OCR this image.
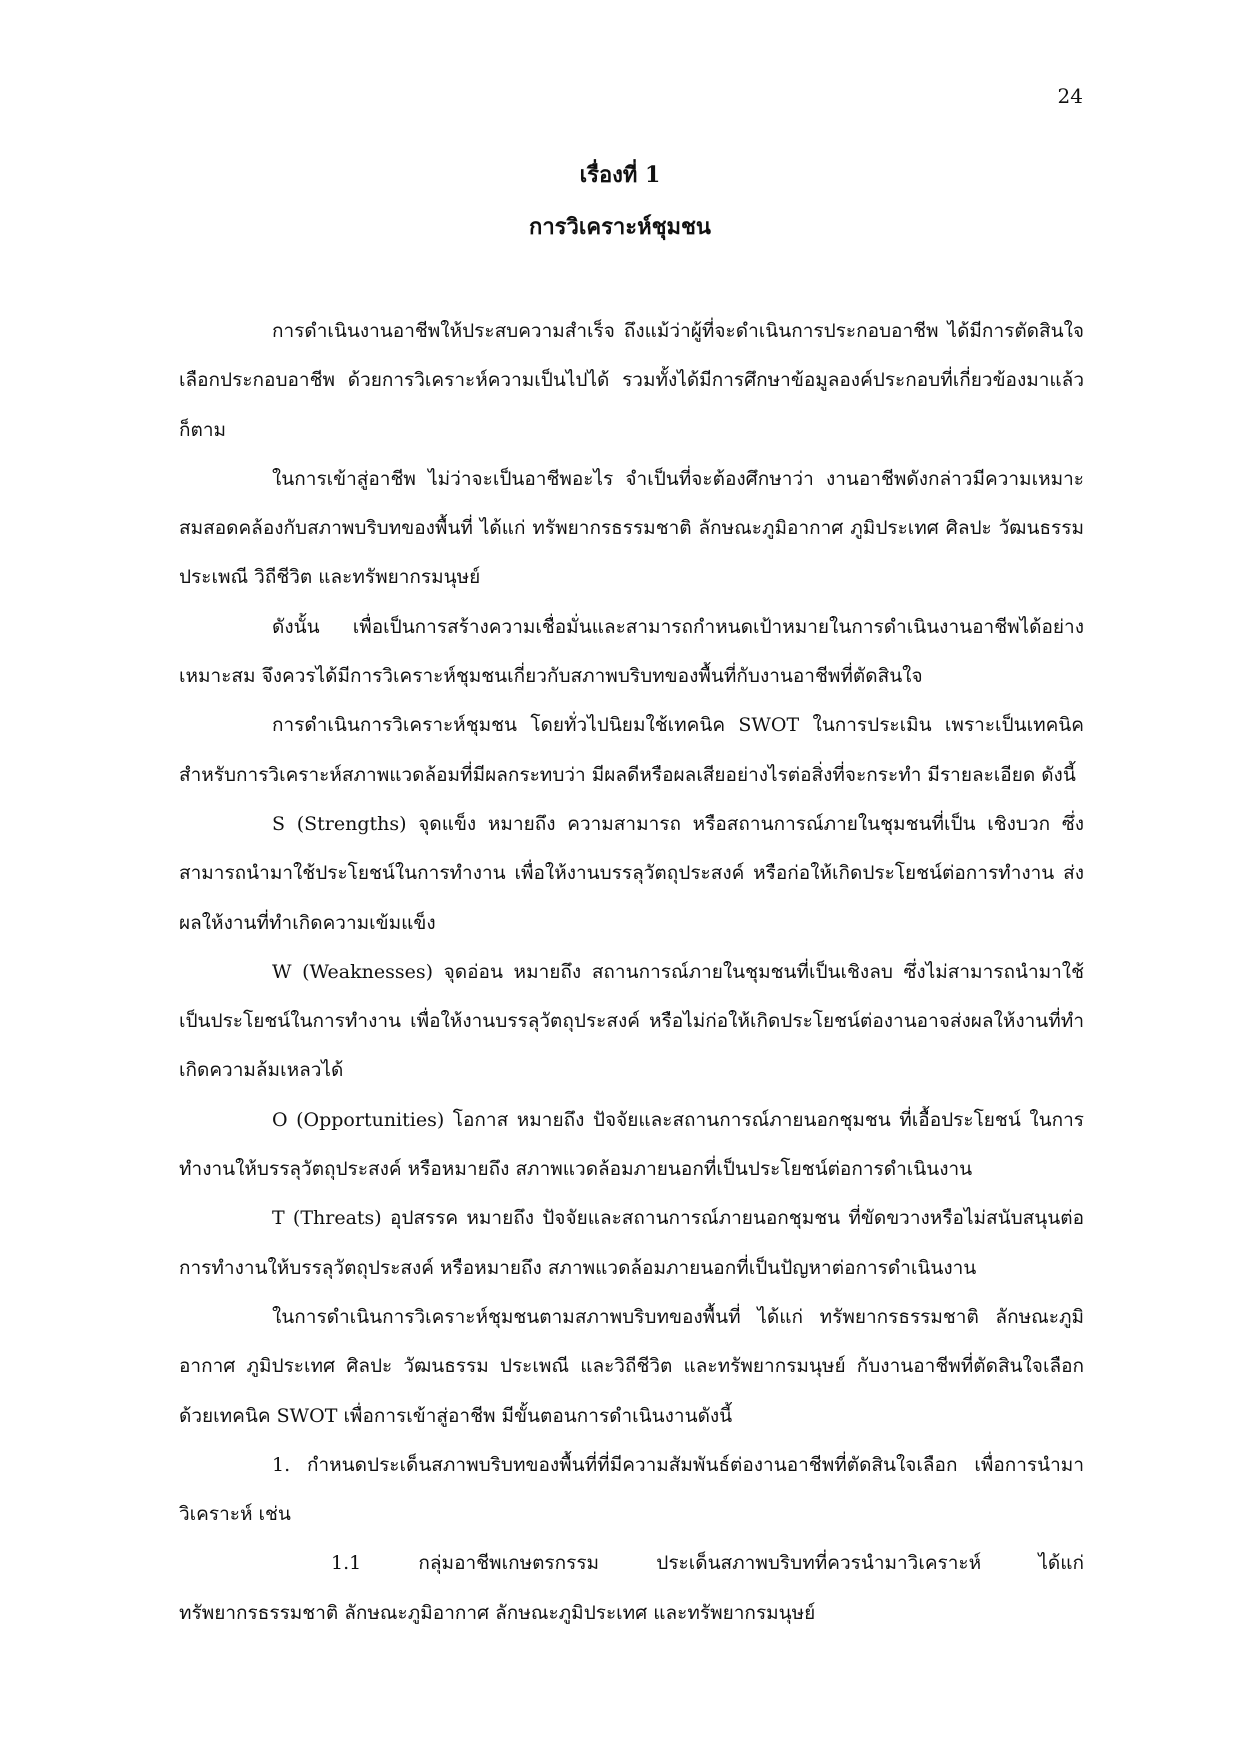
24
เรื่องที่ 1
การวิเคราะห์ชุมชน

การดำเนินงานอาชีพให้ประสบความสำเร็จ ถึงแม้ว่าผู้ที่จะดำเนินการประกอบอาชีพ ได้มีการตัดสินใจเลือกประกอบอาชีพ ด้วยการวิเคราะห์ความเป็นไปได้ รวมทั้งได้มีการศึกษาข้อมูลองค์ประกอบที่เกี่ยวข้องมาแล้วก็ตาม

ในการเข้าสู่อาชีพ ไม่ว่าจะเป็นอาชีพอะไร จำเป็นที่จะต้องศึกษาว่า งานอาชีพดังกล่าวมีความเหมาะสมสอดคล้องกับสภาพบริบทของพื้นที่ ได้แก่ ทรัพยากรธรรมชาติ ลักษณะภูมิอากาศ ภูมิประเทศ ศิลปะ วัฒนธรรม ประเพณี วิถีชีวิต และทรัพยากรมนุษย์

ดังนั้น เพื่อเป็นการสร้างความเชื่อมั่นและสามารถกำหนดเป้าหมายในการดำเนินงานอาชีพได้อย่างเหมาะสม จึงควรได้มีการวิเคราะห์ชุมชนเกี่ยวกับสภาพบริบทของพื้นที่กับงานอาชีพที่ตัดสินใจ

การดำเนินการวิเคราะห์ชุมชน โดยทั่วไปนิยมใช้เทคนิค SWOT ในการประเมิน เพราะเป็นเทคนิคสำหรับการวิเคราะห์สภาพแวดล้อมที่มีผลกระทบว่า มีผลดีหรือผลเสียอย่างไรต่อสิ่งที่จะกระทำ มีรายละเอียด ดังนี้

S (Strengths) จุดแข็ง หมายถึง ความสามารถ หรือสถานการณ์ภายในชุมชนที่เป็น เชิงบวก ซึ่งสามารถนำมาใช้ประโยชน์ในการทำงาน เพื่อให้งานบรรลุวัตถุประสงค์ หรือก่อให้เกิดประโยชน์ต่อการทำงาน ส่งผลให้งานที่ทำเกิดความเข้มแข็ง

W (Weaknesses) จุดอ่อน หมายถึง สถานการณ์ภายในชุมชนที่เป็นเชิงลบ ซึ่งไม่สามารถนำมาใช้เป็นประโยชน์ในการทำงาน เพื่อให้งานบรรลุวัตถุประสงค์ หรือไม่ก่อให้เกิดประโยชน์ต่องานอาจส่งผลให้งานที่ทำเกิดความล้มเหลวได้

O (Opportunities) โอกาส หมายถึง ปัจจัยและสถานการณ์ภายนอกชุมชน ที่เอื้อประโยชน์ ในการทำงานให้บรรลุวัตถุประสงค์ หรือหมายถึง สภาพแวดล้อมภายนอกที่เป็นประโยชน์ต่อการดำเนินงาน

T (Threats) อุปสรรค หมายถึง ปัจจัยและสถานการณ์ภายนอกชุมชน ที่ขัดขวางหรือไม่สนับสนุนต่อการทำงานให้บรรลุวัตถุประสงค์ หรือหมายถึง สภาพแวดล้อมภายนอกที่เป็นปัญหาต่อการดำเนินงาน

ในการดำเนินการวิเคราะห์ชุมชนตามสภาพบริบทของพื้นที่ ได้แก่ ทรัพยากรธรรมชาติ ลักษณะภูมิอากาศ ภูมิประเทศ ศิลปะ วัฒนธรรม ประเพณี และวิถีชีวิต และทรัพยากรมนุษย์ กับงานอาชีพที่ตัดสินใจเลือก ด้วยเทคนิค SWOT เพื่อการเข้าสู่อาชีพ มีขั้นตอนการดำเนินงานดังนี้

1. กำหนดประเด็นสภาพบริบทของพื้นที่ที่มีความสัมพันธ์ต่องานอาชีพที่ตัดสินใจเลือก เพื่อการนำมาวิเคราะห์ เช่น

1.1 กลุ่มอาชีพเกษตรกรรม ประเด็นสภาพบริบทที่ควรนำมาวิเคราะห์ ได้แก่ ทรัพยากรธรรมชาติ ลักษณะภูมิอากาศ ลักษณะภูมิประเทศ และทรัพยากรมนุษย์
